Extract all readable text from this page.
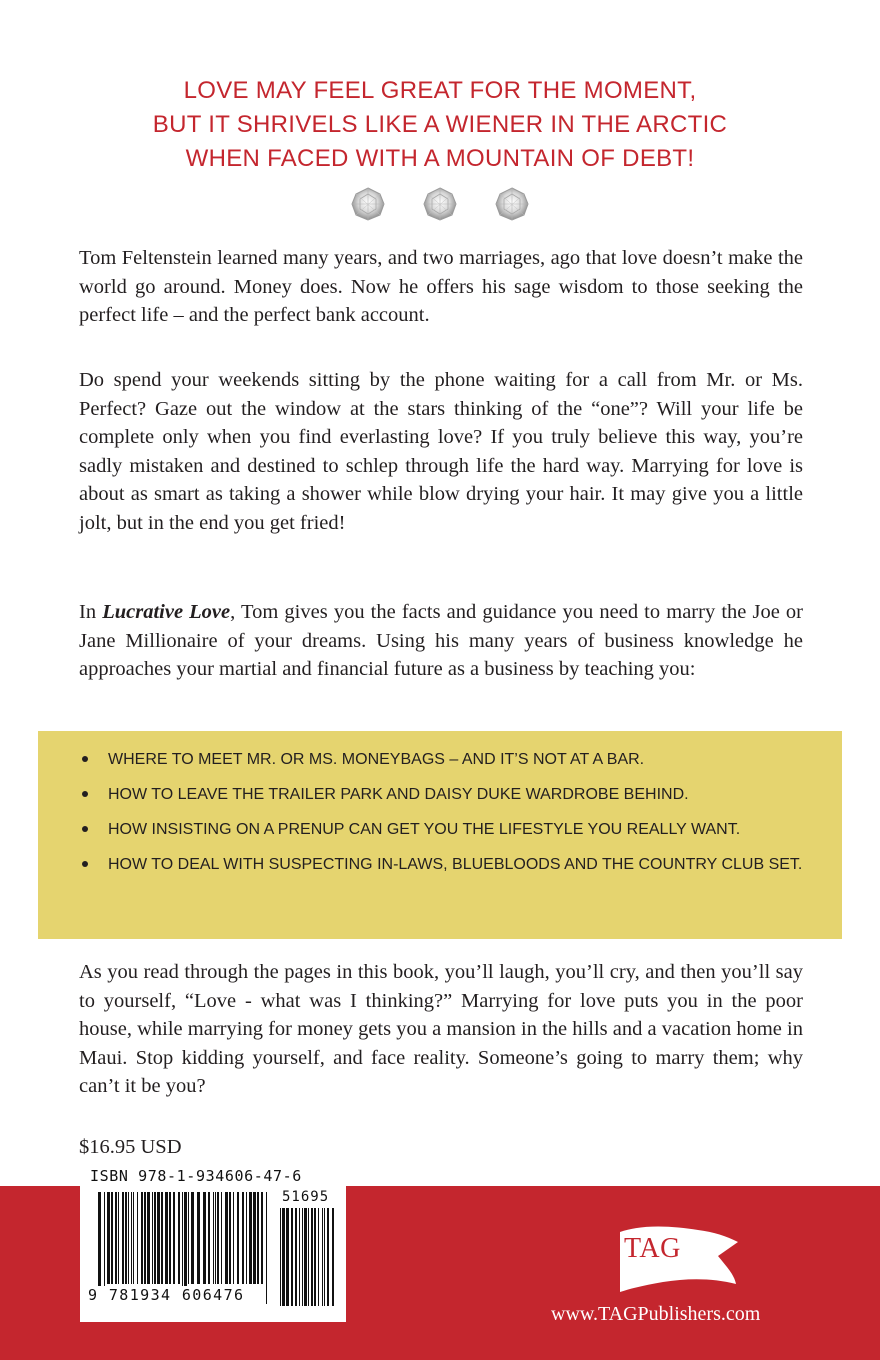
LOVE MAY FEEL GREAT FOR THE MOMENT,
BUT IT SHRIVELS LIKE A WIENER IN THE ARCTIC
WHEN FACED WITH A MOUNTAIN OF DEBT!

Tom Feltenstein learned many years, and two marriages, ago that love doesn’t make the world go around. Money does. Now he offers his sage wisdom to those seeking the perfect life – and the perfect bank account.

Do spend your weekends sitting by the phone waiting for a call from Mr. or Ms. Perfect? Gaze out the window at the stars thinking of the “one”? Will your life be complete only when you find everlasting love? If you truly believe this way, you’re sadly mistaken and destined to schlep through life the hard way. Marrying for love is about as smart as taking a shower while blow drying your hair. It may give you a little jolt, but in the end you get fried!

In Lucrative Love, Tom gives you the facts and guidance you need to marry the Joe or Jane Millionaire of your dreams. Using his many years of business knowledge he approaches your martial and financial future as a business by teaching you:

WHERE TO MEET MR. OR MS. MONEYBAGS – AND IT’S NOT AT A BAR.
HOW TO LEAVE THE TRAILER PARK AND DAISY DUKE WARDROBE BEHIND.
HOW INSISTING ON A PRENUP CAN GET YOU THE LIFESTYLE YOU REALLY WANT.
HOW TO DEAL WITH SUSPECTING IN-LAWS, BLUEBLOODS AND THE COUNTRY CLUB SET.

As you read through the pages in this book, you’ll laugh, you’ll cry, and then you’ll say to yourself, “Love - what was I thinking?” Marrying for love puts you in the poor house, while marrying for money gets you a mansion in the hills and a vacation home in Maui. Stop kidding yourself, and face reality. Someone’s going to marry them; why can’t it be you?

$16.95 USD
ISBN 978-1-934606-47-6
51695
9 781934 606476
TAG
www.TAGPublishers.com
